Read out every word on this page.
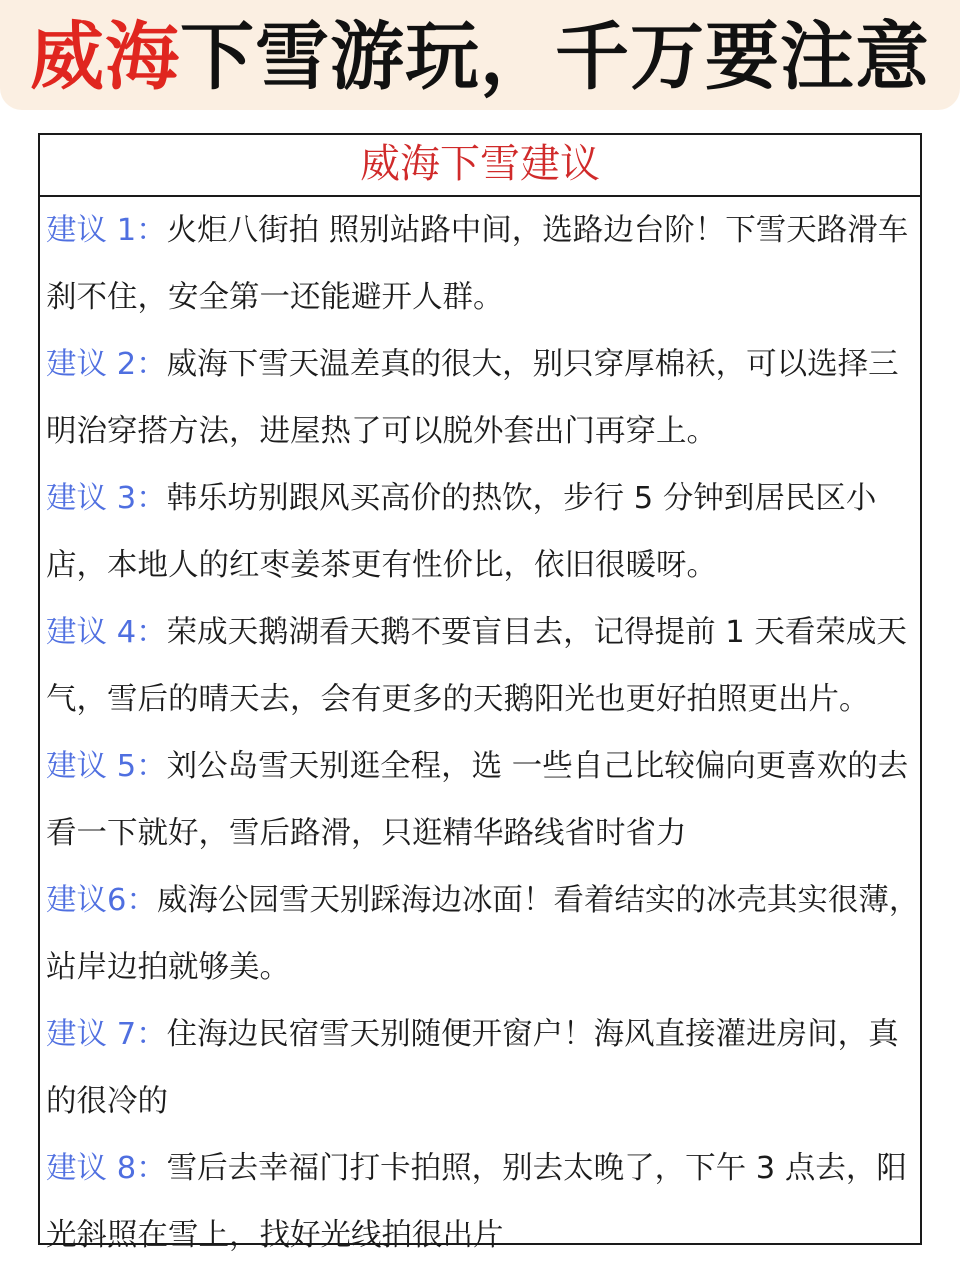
威海下雪游玩，千万要注意
威海下雪建议

建议 1：火炬八街拍 照别站路中间，选路边台阶！下雪天路滑车刹不住，安全第一还能避开人群。

建议 2：威海下雪天温差真的很大，别只穿厚棉袄，可以选择三明治穿搭方法，进屋热了可以脱外套出门再穿上。

建议 3：韩乐坊别跟风买高价的热饮，步行 5 分钟到居民区小店，本地人的红枣姜茶更有性价比，依旧很暖呀。

建议 4：荣成天鹅湖看天鹅不要盲目去，记得提前 1 天看荣成天气，雪后的晴天去，会有更多的天鹅阳光也更好拍照更出片。

建议 5：刘公岛雪天别逛全程，选 一些自己比较偏向更喜欢的去看一下就好，雪后路滑，只逛精华路线省时省力

建议6：威海公园雪天别踩海边冰面！看着结实的冰壳其实很薄，站岸边拍就够美。

建议 7：住海边民宿雪天别随便开窗户！海风直接灌进房间，真的很冷的

建议 8：雪后去幸福门打卡拍照，别去太晚了，下午 3 点去，阳光斜照在雪上，找好光线拍很出片
